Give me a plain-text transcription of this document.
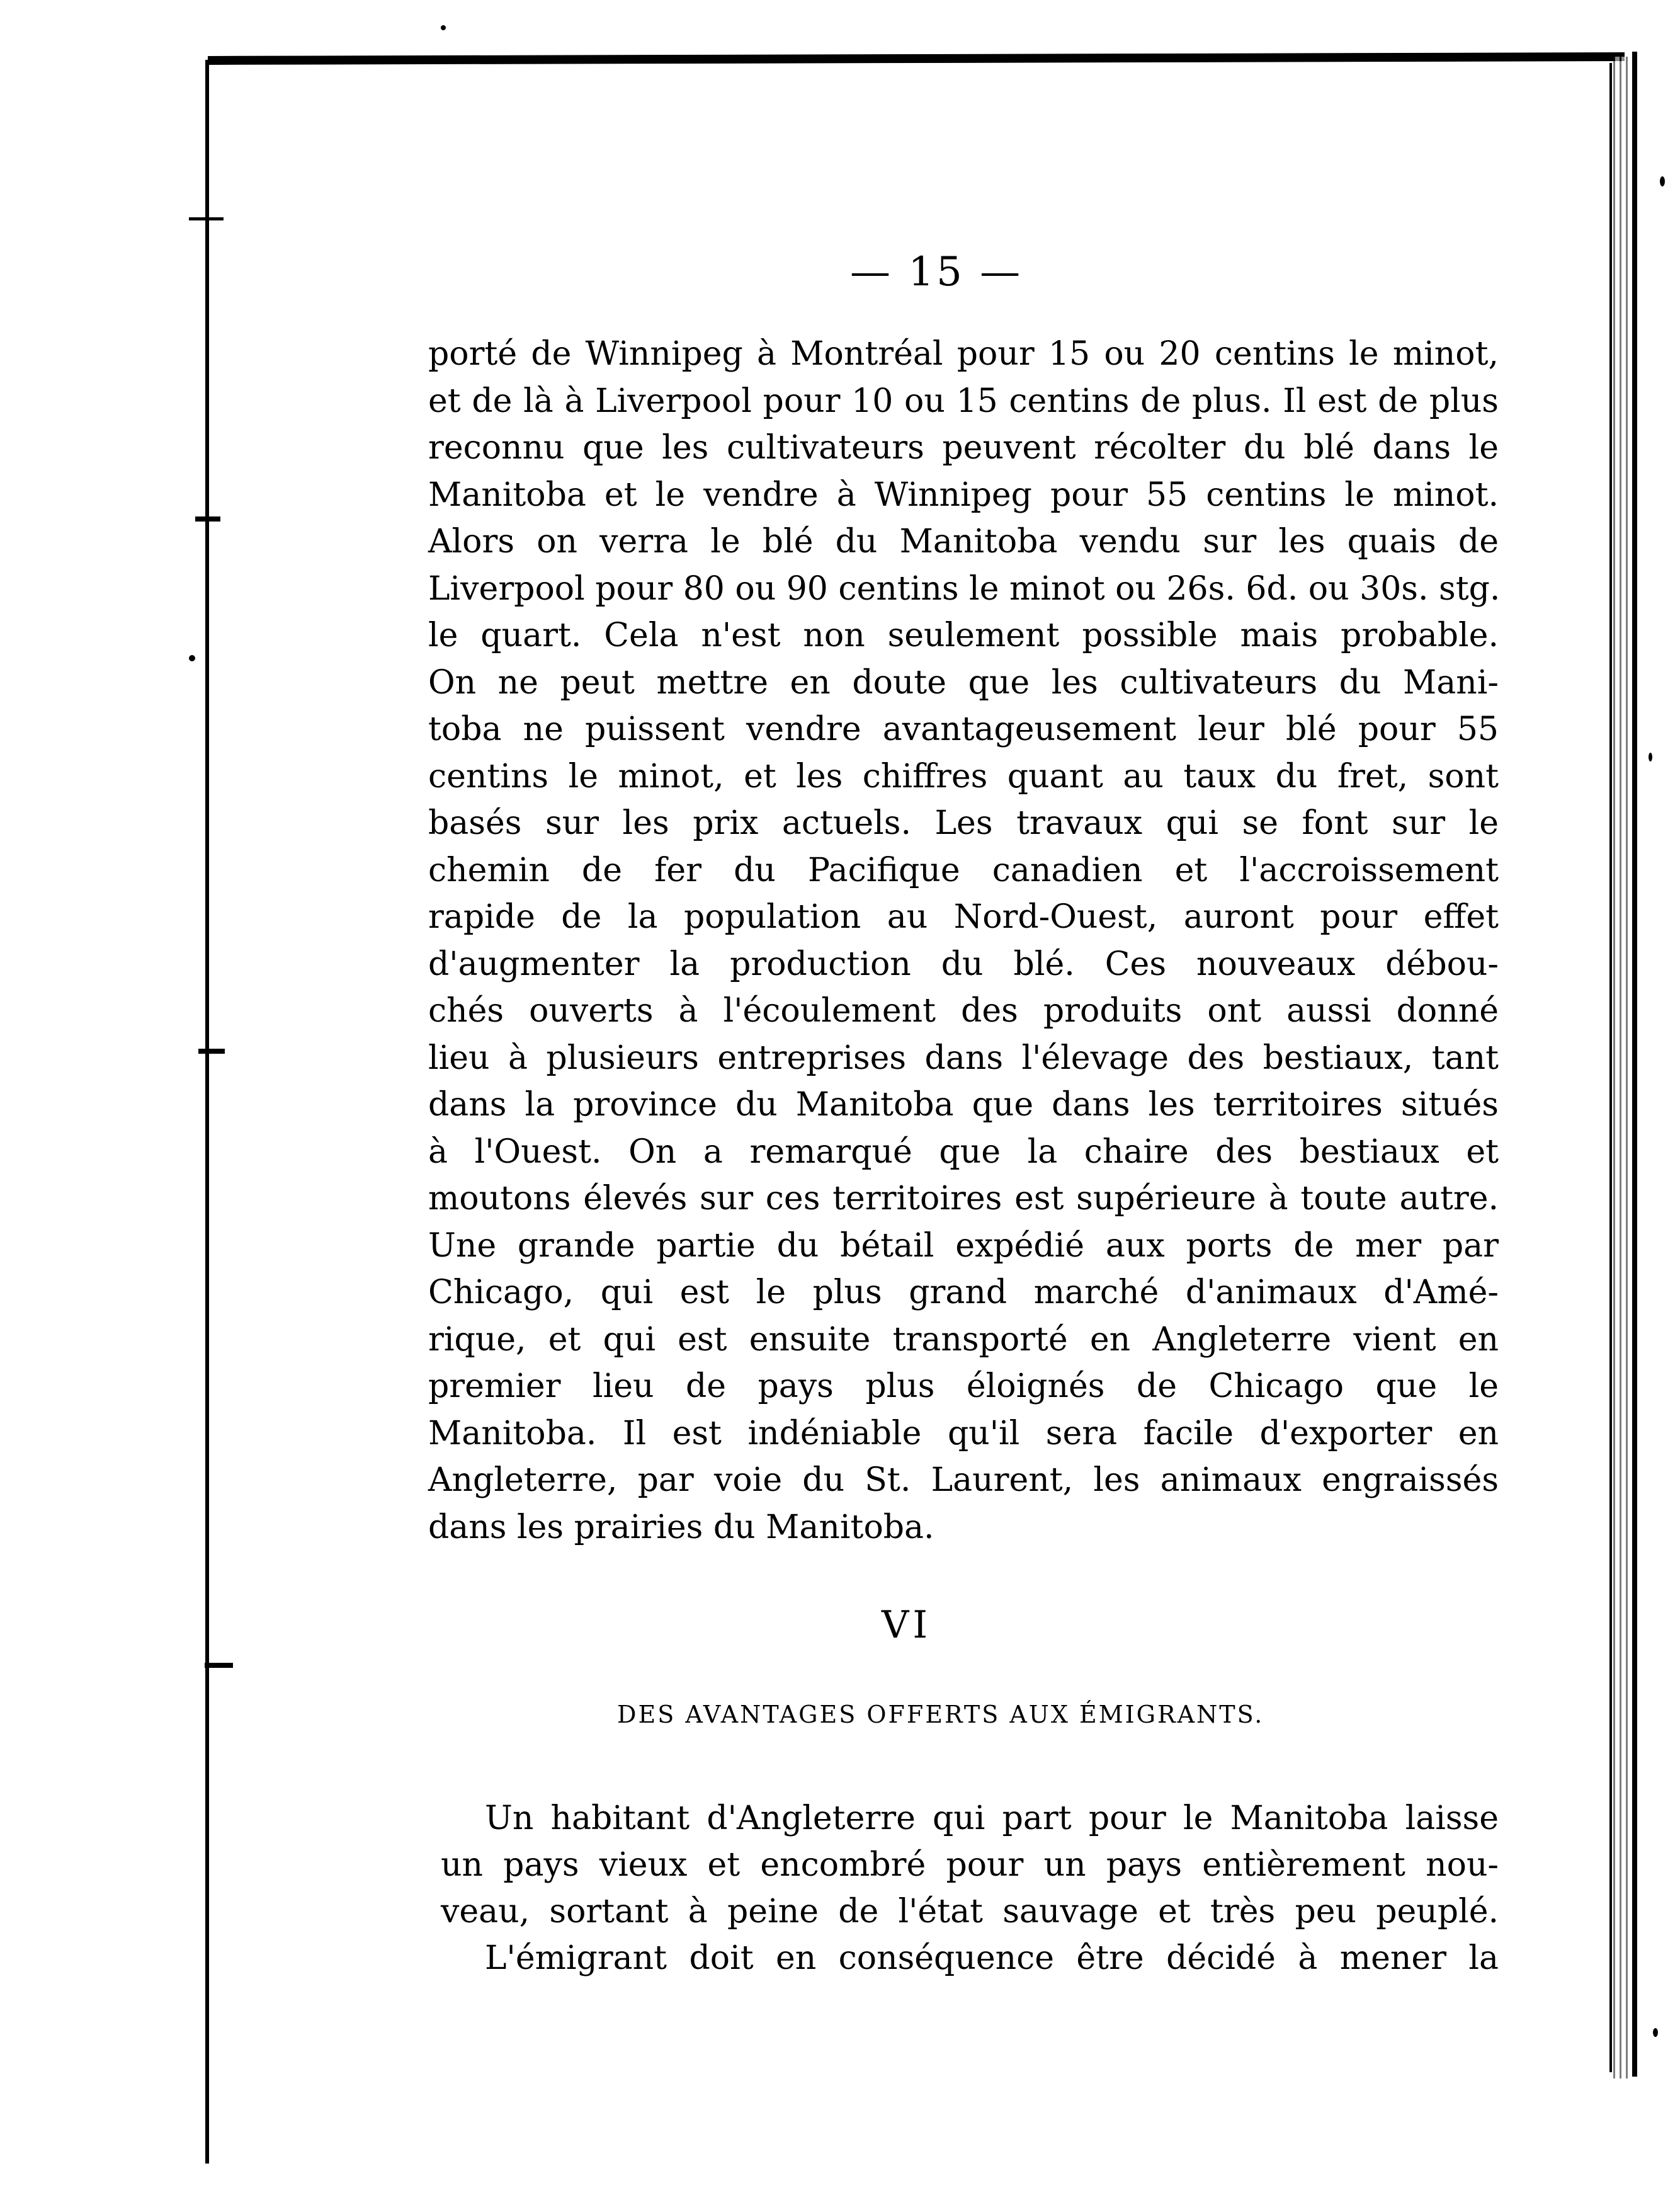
— 15 —
porté de Winnipeg à Montréal pour 15 ou 20 centins le minot,
et de là à Liverpool pour 10 ou 15 centins de plus. Il est de plus
reconnu que les cultivateurs peuvent récolter du blé dans le
Manitoba et le vendre à Winnipeg pour 55 centins le minot.
Alors on verra le blé du Manitoba vendu sur les quais de
Liverpool pour 80 ou 90 centins le minot ou 26s. 6d. ou 30s. stg.
le quart. Cela n'est non seulement possible mais probable.
On ne peut mettre en doute que les cultivateurs du Mani-
toba ne puissent vendre avantageusement leur blé pour 55
centins le minot, et les chiffres quant au taux du fret, sont
basés sur les prix actuels. Les travaux qui se font sur le
chemin de fer du Pacifique canadien et l'accroissement
rapide de la population au Nord-Ouest, auront pour effet
d'augmenter la production du blé. Ces nouveaux débou-
chés ouverts à l'écoulement des produits ont aussi donné
lieu à plusieurs entreprises dans l'élevage des bestiaux, tant
dans la province du Manitoba que dans les territoires situés
à l'Ouest. On a remarqué que la chaire des bestiaux et
moutons élevés sur ces territoires est supérieure à toute autre.
Une grande partie du bétail expédié aux ports de mer par
Chicago, qui est le plus grand marché d'animaux d'Amé-
rique, et qui est ensuite transporté en Angleterre vient en
premier lieu de pays plus éloignés de Chicago que le
Manitoba. Il est indéniable qu'il sera facile d'exporter en
Angleterre, par voie du St. Laurent, les animaux engraissés
dans les prairies du Manitoba.
VI
DES AVANTAGES OFFERTS AUX ÉMIGRANTS.
Un habitant d'Angleterre qui part pour le Manitoba laisse
un pays vieux et encombré pour un pays entièrement nou-
veau, sortant à peine de l'état sauvage et très peu peuplé.
L'émigrant doit en conséquence être décidé à mener la
